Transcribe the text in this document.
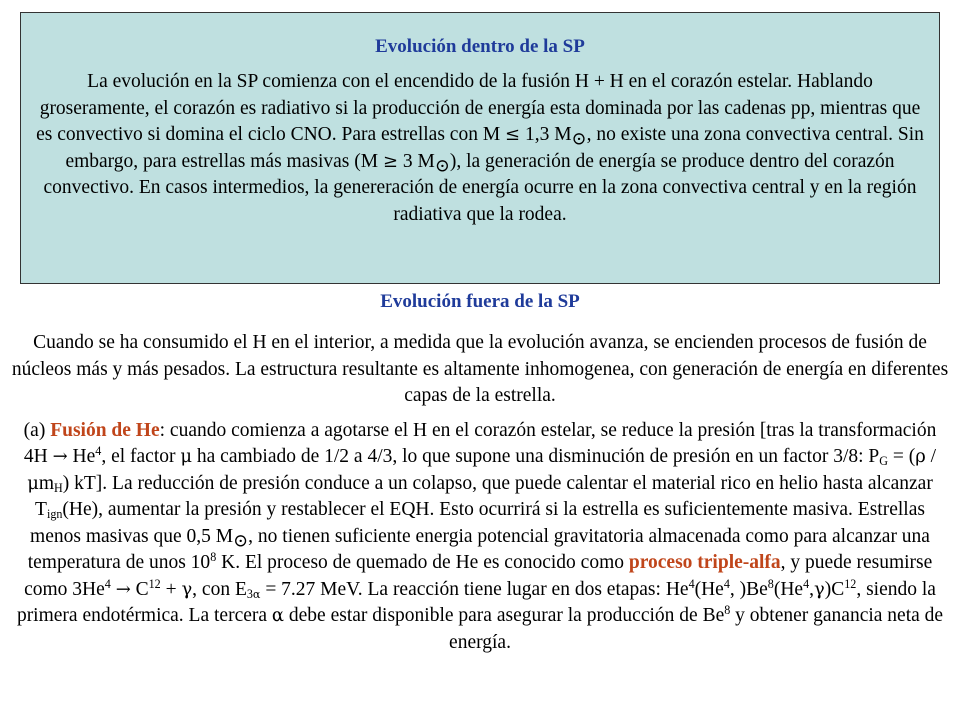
Evolución dentro de la SP

La evolución en la SP comienza con el encendido de la fusión H + H en el corazón estelar. Hablando groseramente, el corazón es radiativo si la producción de energía esta dominada por las cadenas pp, mientras que es convectivo si domina el ciclo CNO. Para estrellas con M ≤ 1,3 $M_⊙$, no existe una zona convectiva central. Sin embargo, para estrellas más masivas (M ≥ 3 $M_⊙$), la generación de energía se produce dentro del corazón convectivo. En casos intermedios, la genereración de energía ocurre en la zona convectiva central y en la región radiativa que la rodea.

Evolución fuera de la SP

Cuando se ha consumido el H en el interior, a medida que la evolución avanza, se encienden procesos de fusión de núcleos más y más pesados. La estructura resultante es altamente inhomogenea, con generación de energía en diferentes capas de la estrella.

(a) Fusión de He: cuando comienza a agotarse el H en el corazón estelar, se reduce la presión [tras la transformación $4H \to He^4$, el factor μ ha cambiado de 1/2 a 4/3, lo que supone una disminución de presión en un factor 3/8: $P_G = (\rho / \mu m_H)$ kT]. La reducción de presión conduce a un colapso, que puede calentar el material rico en helio hasta alcanzar $T_{ign}(He)$, aumentar la presión y restablecer el EQH. Esto ocurrirá si la estrella es suficientemente masiva. Estrellas menos masivas que 0,5 $M_⊙$, no tienen suficiente energia potencial gravitatoria almacenada como para alcanzar una temperatura de unos $10^8$ K. El proceso de quemado de He es conocido como proceso triple-alfa, y puede resumirse como $3He^4 \to C^{12} + \gamma$, con $E_{3\alpha} = 7.27$ MeV. La reacción tiene lugar en dos etapas: He$^4$(He$^4$, )$Be^8(He^4,\gamma)C^{12}$, siendo la primera endotérmica. La tercera α debe estar disponible para asegurar la producción de Be$^8$ y obtener ganancia neta de energía.
